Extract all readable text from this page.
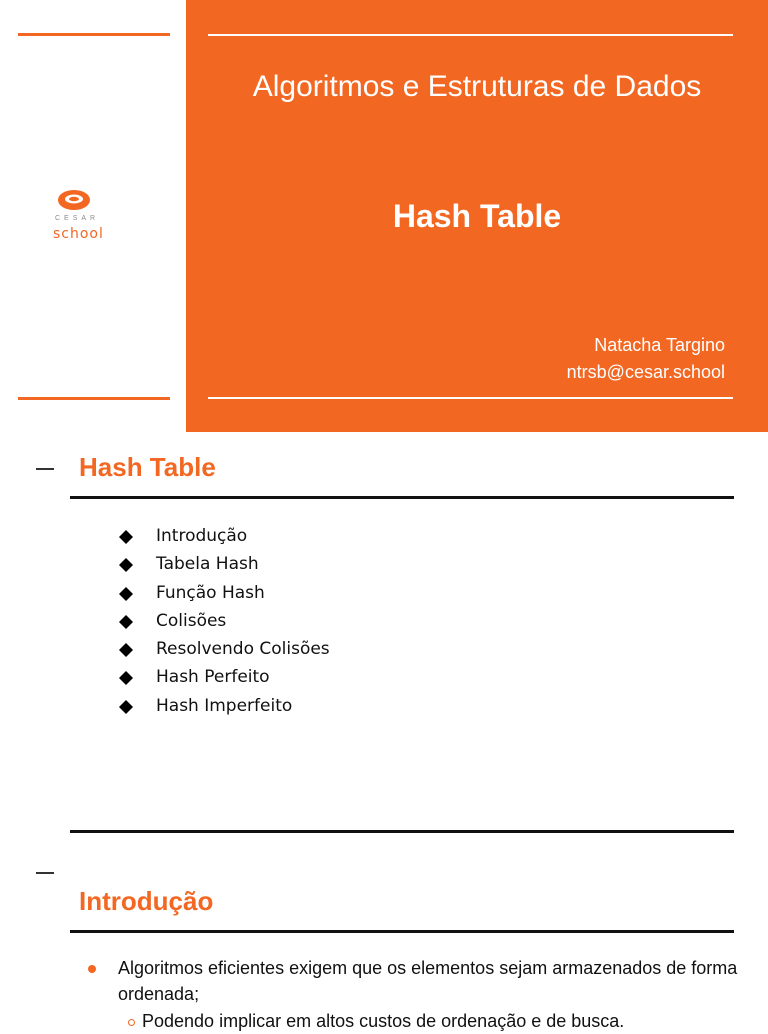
CESAR
school
Algoritmos e Estruturas de Dados
Hash Table
Natacha Targino
ntrsb@cesar.school
Hash Table
Introdução
Tabela Hash
Função Hash
Colisões
Resolvendo Colisões
Hash Perfeito
Hash Imperfeito
Introdução
Algoritmos eficientes exigem que os elementos sejam armazenados de forma ordenada;
Podendo implicar em altos custos de ordenação e de busca.
